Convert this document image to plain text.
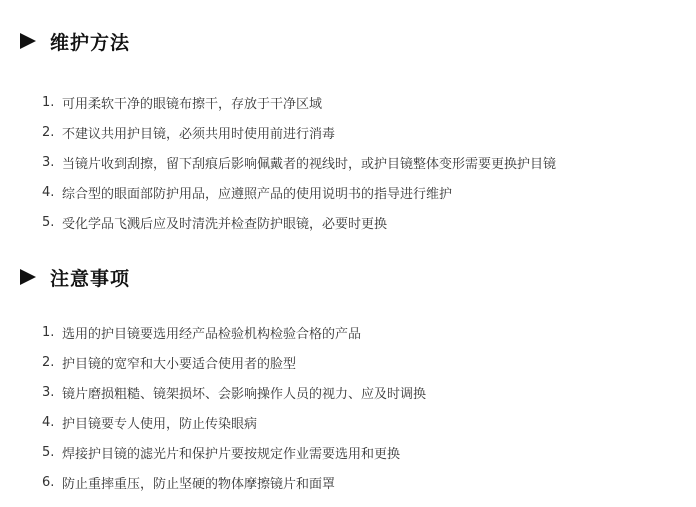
维护方法
1. 可用柔软干净的眼镜布擦干，存放于干净区域
2. 不建议共用护目镜，必须共用时使用前进行消毒
3. 当镜片收到刮擦，留下刮痕后影响佩戴者的视线时，或护目镜整体变形需要更换护目镜
4. 综合型的眼面部防护用品，应遵照产品的使用说明书的指导进行维护
5. 受化学品飞溅后应及时清洗并检查防护眼镜，必要时更换
注意事项
1. 选用的护目镜要选用经产品检验机构检验合格的产品
2. 护目镜的宽窄和大小要适合使用者的脸型
3. 镜片磨损粗糙、镜架损坏、会影响操作人员的视力、应及时调换
4. 护目镜要专人使用，防止传染眼病
5. 焊接护目镜的滤光片和保护片要按规定作业需要选用和更换
6. 防止重摔重压，防止坚硬的物体摩擦镜片和面罩
